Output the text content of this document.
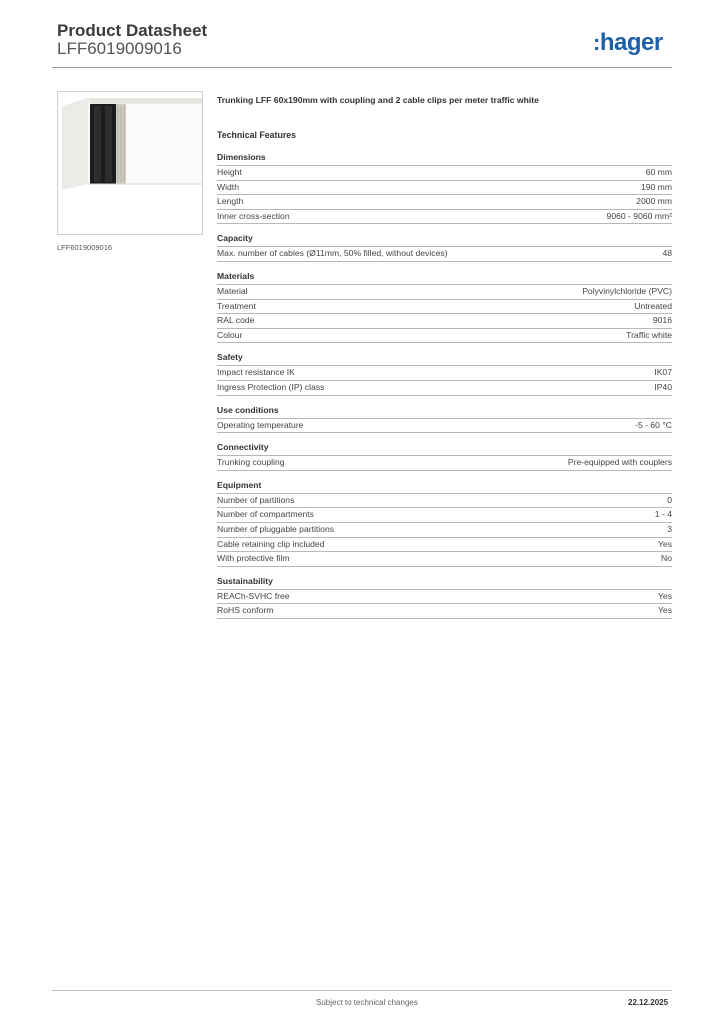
Product Datasheet
LFF6019009016	:hager
LFF6019009016
Trunking LFF 60x190mm with coupling and 2 cable clips per meter traffic white
Technical Features
Dimensions
Height	60 mm
Width	190 mm
Length	2000 mm
Inner cross-section	9060 - 9060 mm²
Capacity
Max. number of cables (Ø11mm, 50% filled, without devices)	48
Materials
Material	Polyvinylchloride (PVC)
Treatment	Untreated
RAL code	9016
Colour	Traffic white
Safety
Impact resistance IK	IK07
Ingress Protection (IP) class	IP40
Use conditions
Operating temperature	-5 - 60 °C
Connectivity
Trunking coupling	Pre-equipped with couplers
Equipment
Number of partitions	0
Number of compartments	1 - 4
Number of pluggable partitions	3
Cable retaining clip included	Yes
With protective film	No
Sustainability
REACh-SVHC free	Yes
RoHS conform	Yes
Subject to technical changes	22.12.2025
